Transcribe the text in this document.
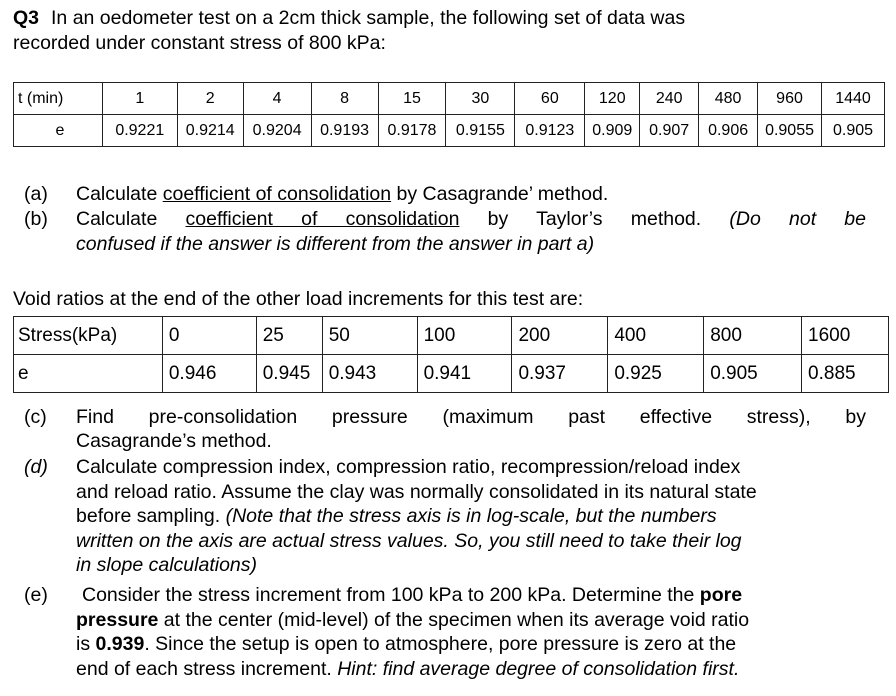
Q3 In an oedometer test on a 2cm thick sample, the following set of data was
recorded under constant stress of 800 kPa:
t (min)	1	2	4	8	15	30	60	120	240	480	960	1440
e	0.9221	0.9214	0.9204	0.9193	0.9178	0.9155	0.9123	0.909	0.907	0.906	0.9055	0.905
(a) Calculate coefficient of consolidation by Casagrande’ method.
(b) Calculate coefficient of consolidation by Taylor’s method. (Do not be
confused if the answer is different from the answer in part a)
Void ratios at the end of the other load increments for this test are:
Stress(kPa)	0	25	50	100	200	400	800	1600
e	0.946	0.945	0.943	0.941	0.937	0.925	0.905	0.885
(c) Find pre-consolidation pressure (maximum past effective stress), by
Casagrande’s method.
(d) Calculate compression index, compression ratio, recompression/reload index
and reload ratio. Assume the clay was normally consolidated in its natural state
before sampling. (Note that the stress axis is in log-scale, but the numbers
written on the axis are actual stress values. So, you still need to take their log
in slope calculations)
(e) Consider the stress increment from 100 kPa to 200 kPa. Determine the pore
pressure at the center (mid-level) of the specimen when its average void ratio
is 0.939. Since the setup is open to atmosphere, pore pressure is zero at the
end of each stress increment. Hint: find average degree of consolidation first.
